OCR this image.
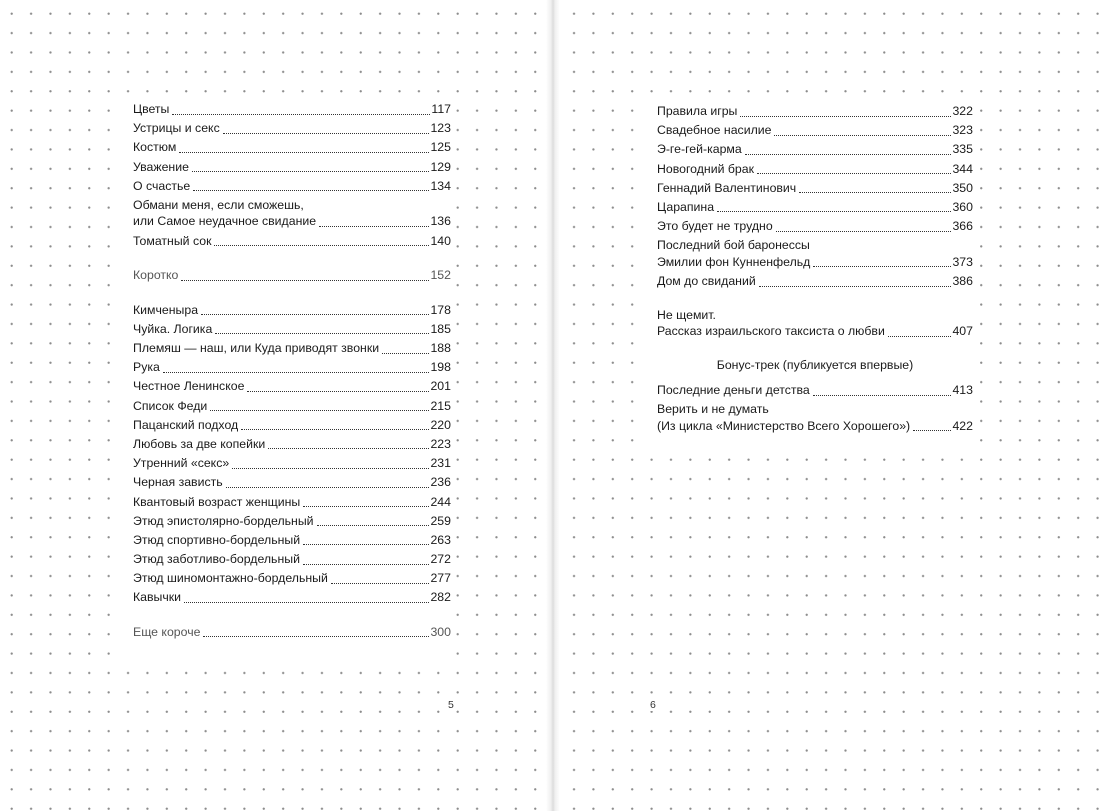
Цветы	117
Устрицы и секс	123
Костюм	125
Уважение	129
О счастье	134
Обмани меня, если сможешь,
или Самое неудачное свидание	136
Томатный сок	140
Коротко	152
Кимченыра	178
Чуйка. Логика	185
Племяш — наш, или Куда приводят звонки	188
Рука	198
Честное Ленинское	201
Список Феди	215
Пацанский подход	220
Любовь за две копейки	223
Утренний «секс»	231
Черная зависть	236
Квантовый возраст женщины	244
Этюд эпистолярно-бордельный	259
Этюд спортивно-бордельный	263
Этюд заботливо-бордельный	272
Этюд шиномонтажно-бордельный	277
Кавычки	282
Еще короче	300
5
Правила игры	322
Свадебное насилие	323
Э-ге-гей-карма	335
Новогодний брак	344
Геннадий Валентинович	350
Царапина	360
Это будет не трудно	366
Последний бой баронессы
Эмилии фон Кунненфельд	373
Дом до свиданий	386
Не щемит.
Рассказ израильского таксиста о любви	407
Бонус-трек (публикуется впервые)
Последние деньги детства	413
Верить и не думать
(Из цикла «Министерство Всего Хорошего»)	422
6
